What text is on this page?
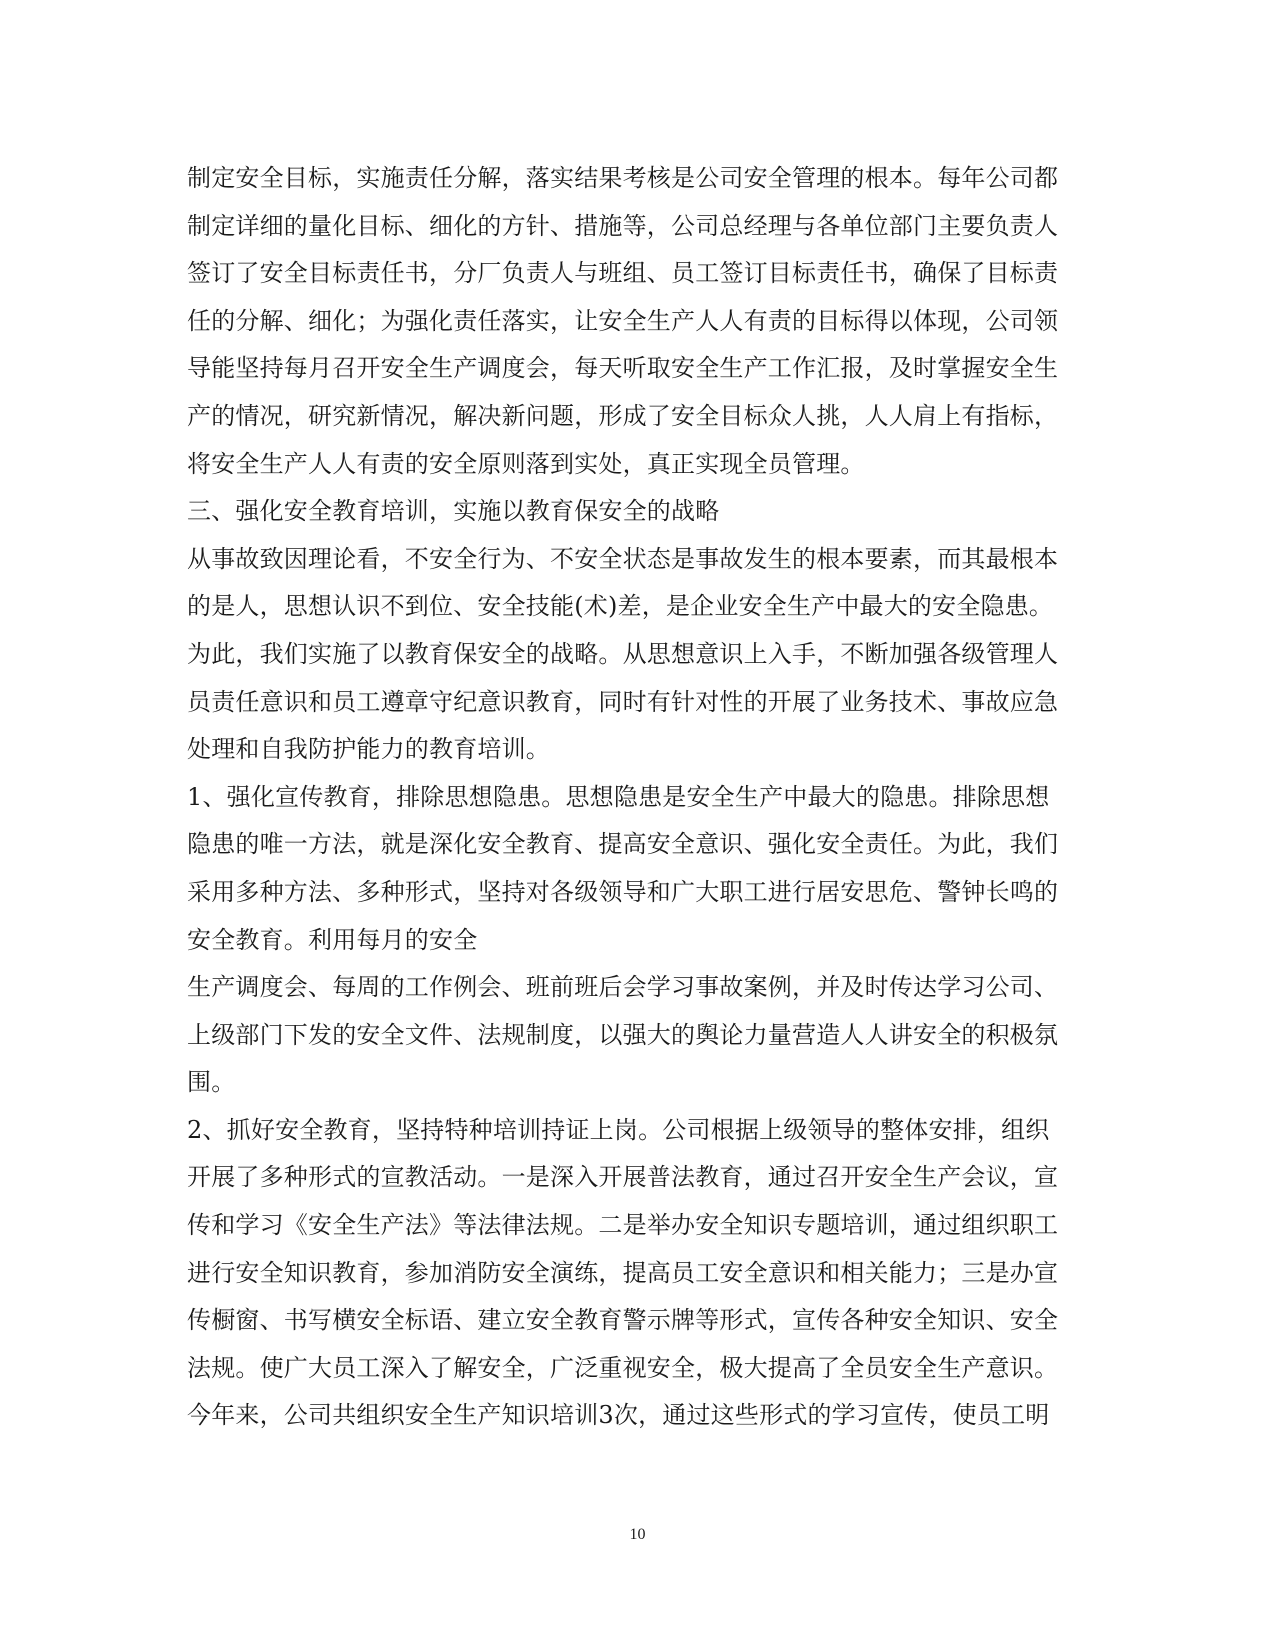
制定安全目标，实施责任分解，落实结果考核是公司安全管理的根本。每年公司都
制定详细的量化目标、细化的方针、措施等，公司总经理与各单位部门主要负责人
签订了安全目标责任书，分厂负责人与班组、员工签订目标责任书，确保了目标责
任的分解、细化；为强化责任落实，让安全生产人人有责的目标得以体现，公司领
导能坚持每月召开安全生产调度会，每天听取安全生产工作汇报，及时掌握安全生
产的情况，研究新情况，解决新问题，形成了安全目标众人挑，人人肩上有指标，
将安全生产人人有责的安全原则落到实处，真正实现全员管理。
三、强化安全教育培训，实施以教育保安全的战略
从事故致因理论看，不安全行为、不安全状态是事故发生的根本要素，而其最根本
的是人，思想认识不到位、安全技能(术)差，是企业安全生产中最大的安全隐患。
为此，我们实施了以教育保安全的战略。从思想意识上入手，不断加强各级管理人
员责任意识和员工遵章守纪意识教育，同时有针对性的开展了业务技术、事故应急
处理和自我防护能力的教育培训。
1、强化宣传教育，排除思想隐患。思想隐患是安全生产中最大的隐患。排除思想
隐患的唯一方法，就是深化安全教育、提高安全意识、强化安全责任。为此，我们
采用多种方法、多种形式，坚持对各级领导和广大职工进行居安思危、警钟长鸣的
安全教育。利用每月的安全
生产调度会、每周的工作例会、班前班后会学习事故案例，并及时传达学习公司、
上级部门下发的安全文件、法规制度，以强大的舆论力量营造人人讲安全的积极氛
围。
2、抓好安全教育，坚持特种培训持证上岗。公司根据上级领导的整体安排，组织
开展了多种形式的宣教活动。一是深入开展普法教育，通过召开安全生产会议，宣
传和学习《安全生产法》等法律法规。二是举办安全知识专题培训，通过组织职工
进行安全知识教育，参加消防安全演练，提高员工安全意识和相关能力；三是办宣
传橱窗、书写横安全标语、建立安全教育警示牌等形式，宣传各种安全知识、安全
法规。使广大员工深入了解安全，广泛重视安全，极大提高了全员安全生产意识。
今年来，公司共组织安全生产知识培训3次，通过这些形式的学习宣传，使员工明
10
